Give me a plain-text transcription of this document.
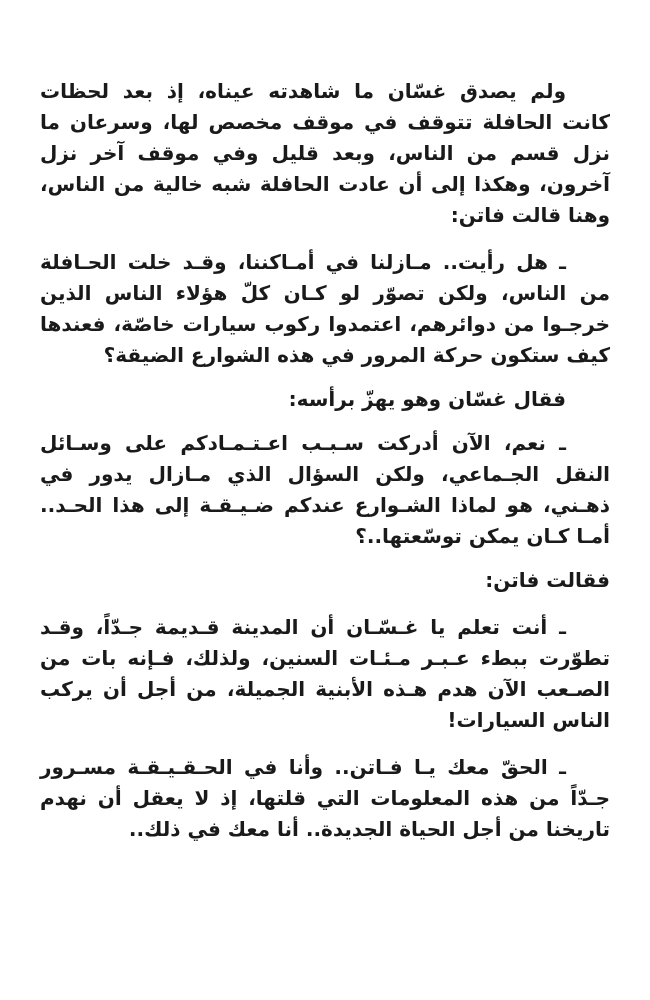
ولم يصدق غسّان ما شاهدته عيناه، إذ بعد لحظات كانت الحافلة تتوقف في موقف مخصص لها، وسرعان ما نزل قسم من الناس، وبعد قليل وفي موقف آخر نزل آخرون، وهكذا إلى أن عادت الحافلة شبه خالية من الناس، وهنا قالت فاتن:

ـ هل رأيت.. مـازلنا في أمـاكننا، وقـد خلت الحـافلة من الناس، ولكن تصوّر لو كـان كلّ هؤلاء الناس الذين خرجـوا من دوائرهم، اعتمدوا ركوب سيارات خاصّة، فعندها كيف ستكون حركة المرور في هذه الشوارع الضيقة؟

فقال غسّان وهو يهزّ برأسه:

ـ نعم، الآن أدركت سـبـب اعـتـمـادكم على وسـائل النقل الجـماعي، ولكن السؤال الذي مـازال يدور في ذهـني، هو لماذا الشـوارع عندكم ضـيـقـة إلى هذا الحـد.. أمـا كـان يمكن توسّعتها..؟

فقالت فاتن:

ـ أنت تعلم يا غـسّـان أن المدينة قـديمة جـدّاً، وقـد تطوّرت ببطء عـبـر مـئـات السنين، ولذلك، فـإنه بات من الصـعب الآن هدم هـذه الأبنية الجميلة، من أجل أن يركب الناس السيارات!

ـ الحقّ معك يـا فـاتن.. وأنا في الحـقـيـقـة مسـرور جـدّاً من هذه المعلومات التي قلتها، إذ لا يعقل أن نهدم تاريخنا من أجل الحياة الجديدة.. أنا معك في ذلك..
